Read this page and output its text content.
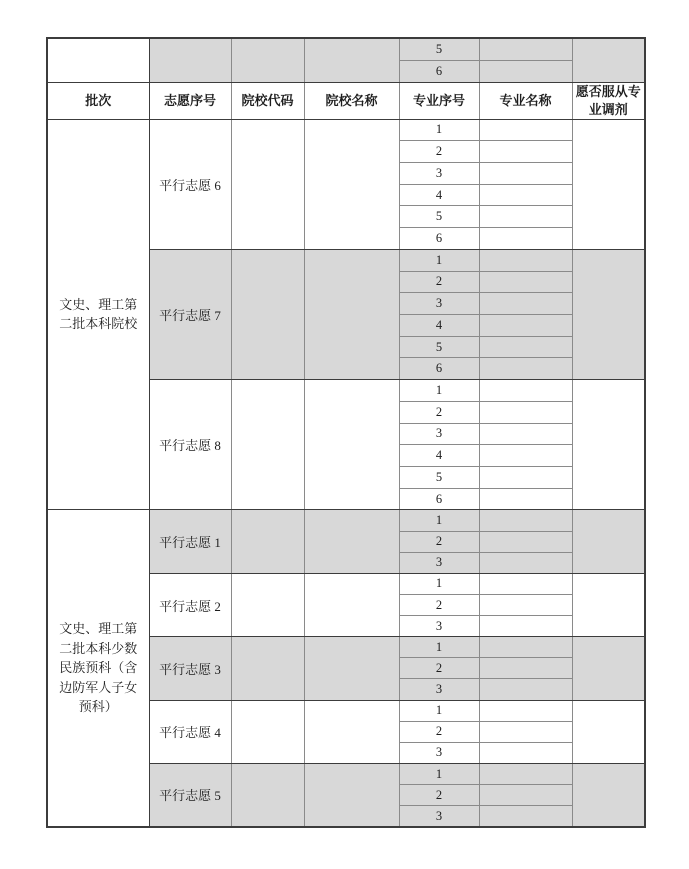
				5		
				6		
批次	志愿序号	院校代码	院校名称	专业序号	专业名称	愿否服从专业调剂
文史、理工第二批本科院校	平行志愿 6			1		
				2		
				3		
				4		
				5		
				6		
	平行志愿 7			1		
				2		
				3		
				4		
				5		
				6		
	平行志愿 8			1		
				2		
				3		
				4		
				5		
				6		
文史、理工第二批本科少数民族预科（含边防军人子女预科）	平行志愿 1			1		
				2		
				3		
	平行志愿 2			1		
				2		
				3		
	平行志愿 3			1		
				2		
				3		
	平行志愿 4			1		
				2		
				3		
	平行志愿 5			1		
				2		
				3		
